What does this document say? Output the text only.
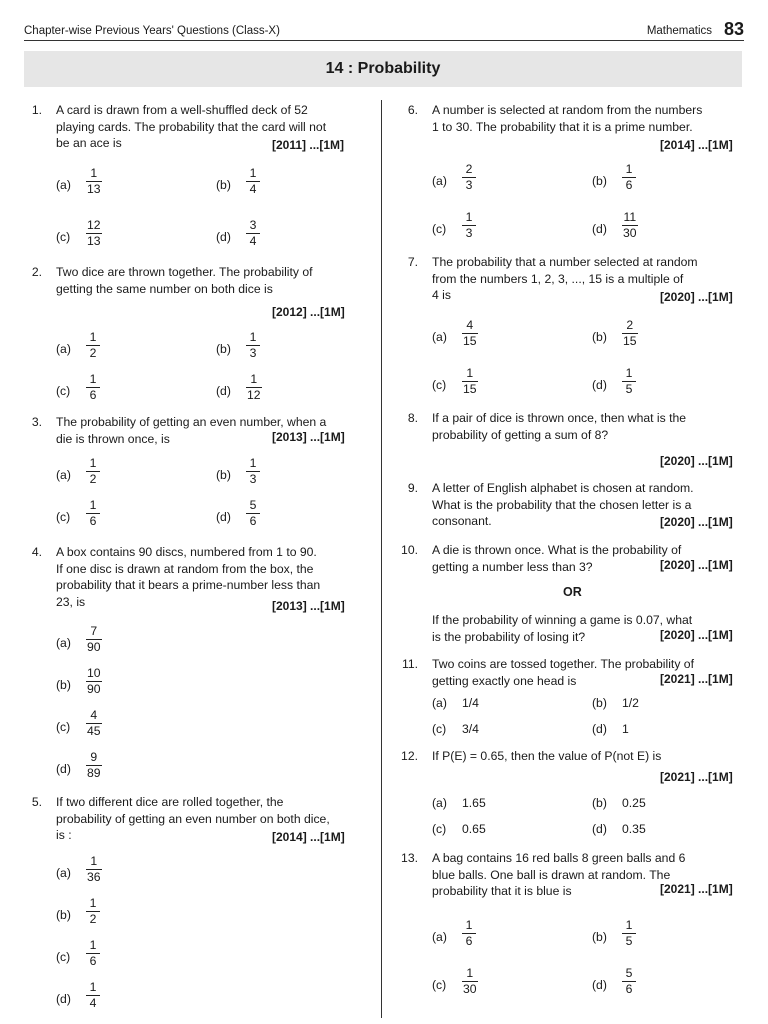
Chapter-wise Previous Years' Questions (Class-X)	Mathematics 83
14 : Probability
OR
1. A card is drawn from a well-shuffled deck of 52
playing cards. The probability that the card will not
be an ace is	[2011] ...[1M]
$(a) \frac{1}{13}$	$(b) \frac{1}{4}$
$(c) \frac{12}{13}$	$(d) \frac{3}{4}$
2. Two dice are thrown together. The probability of
getting the same number on both dice is
[2012] ...[1M]
$(a) \frac{1}{2}$	$(b) \frac{1}{3}$
$(c) \frac{1}{6}$	$(d) \frac{1}{12}$
3. The probability of getting an even number, when a
die is thrown once, is	[2013] ...[1M]
$(a) \frac{1}{2}$	$(b) \frac{1}{3}$
$(c) \frac{1}{6}$	$(d) \frac{5}{6}$
4. A box contains 90 discs, numbered from 1 to 90.
If one disc is drawn at random from the box, the
probability that it bears a prime-number less than
23, is	[2013] ...[1M]
$(a) \frac{7}{90}$
$(b) \frac{10}{90}$
$(c) \frac{4}{45}$
$(d) \frac{9}{89}$
5. If two different dice are rolled together, the
probability of getting an even number on both dice,
is :	[2014] ...[1M]
$(a) \frac{1}{36}$
$(b) \frac{1}{2}$
$(c) \frac{1}{6}$
$(d) \frac{1}{4}$
6. A number is selected at random from the numbers
1 to 30. The probability that it is a prime number.
[2014] ...[1M]
$(a) \frac{2}{3}$	$(b) \frac{1}{6}$
$(c) \frac{1}{3}$	$(d) \frac{11}{30}$
7. The probability that a number selected at random
from the numbers 1, 2, 3, ..., 15 is a multiple of
4 is	[2020] ...[1M]
$(a) \frac{4}{15}$	$(b) \frac{2}{15}$
$(c) \frac{1}{15}$	$(d) \frac{1}{5}$
8. If a pair of dice is thrown once, then what is the
probability of getting a sum of 8?
[2020] ...[1M]
9. A letter of English alphabet is chosen at random.
What is the probability that the chosen letter is a
consonant.	[2020] ...[1M]
10. A die is thrown once. What is the probability of
getting a number less than 3?	[2020] ...[1M]
If the probability of winning a game is 0.07, what
is the probability of losing it?	[2020] ...[1M]
11. Two coins are tossed together. The probability of
getting exactly one head is	[2021] ...[1M]
(a) 1/4	(b) 1/2
(c) 3/4	(d) 1
12. If P(E) = 0.65, then the value of P(not E) is
[2021] ...[1M]
(a) 1.65	(b) 0.25
(c) 0.65	(d) 0.35
13. A bag contains 16 red balls 8 green balls and 6
blue balls. One ball is drawn at random. The
probability that it is blue is	[2021] ...[1M]
$(a) \frac{1}{6}$	$(b) \frac{1}{5}$
$(c) \frac{1}{30}$	$(d) \frac{5}{6}$
